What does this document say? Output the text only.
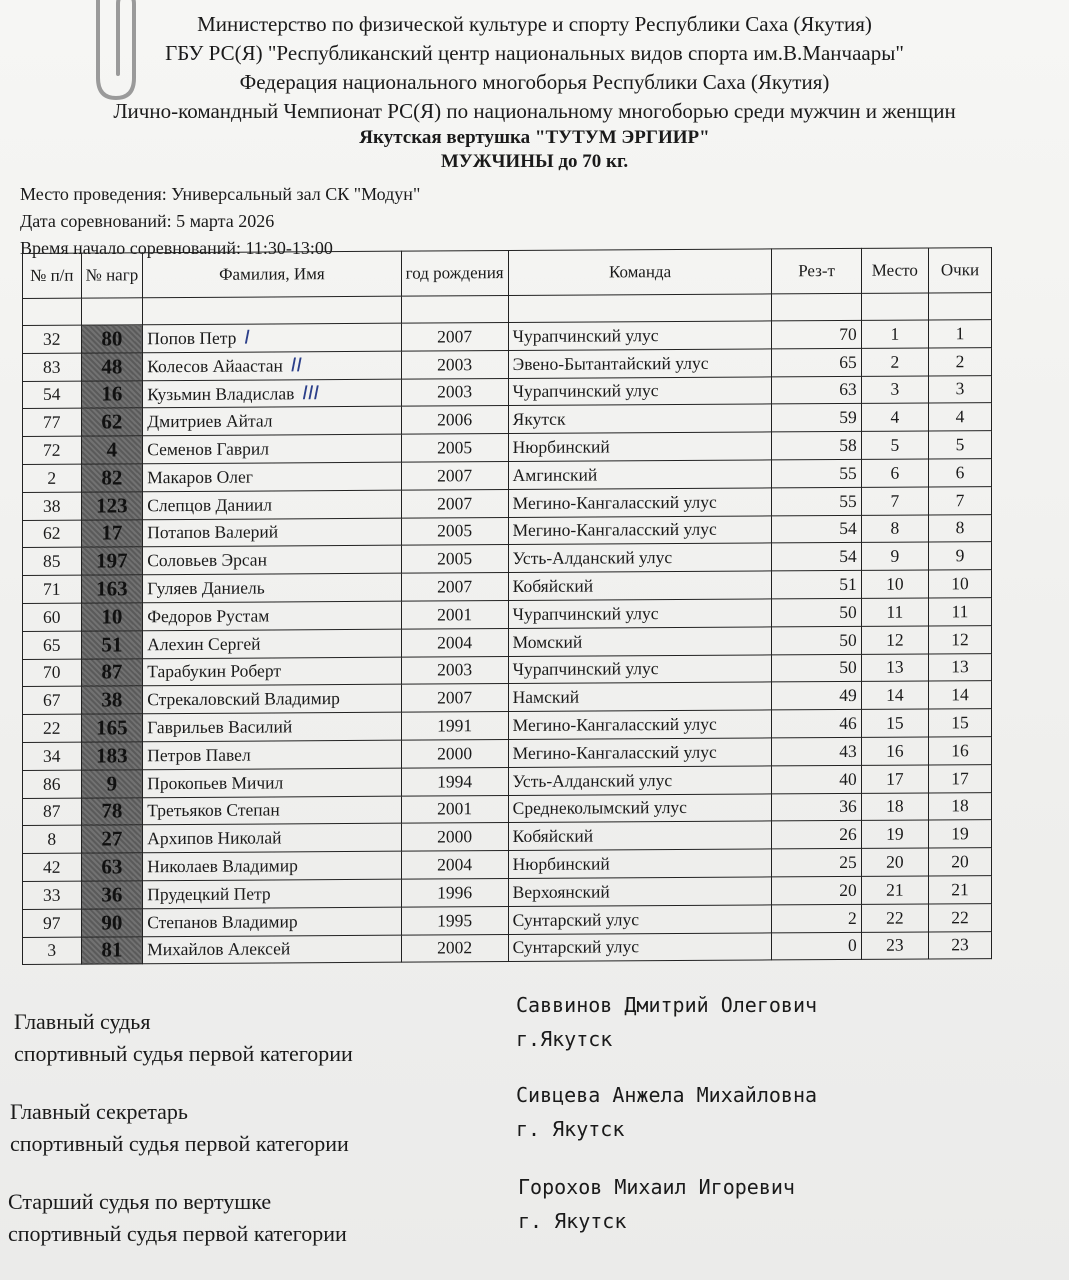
Министерство по физической культуре и спорту Республики Саха (Якутия)
ГБУ РС(Я) "Республиканский центр национальных видов спорта им.В.Манчаары"
Федерация национального многоборья Республики Саха (Якутия)
Лично-командный Чемпионат РС(Я) по национальному многоборью среди мужчин и женщин
Якутская вертушка "ТУТУМ ЭРГИИР"
МУЖЧИНЫ до 70 кг.
Место проведения: Универсальный зал СК "Модун"
Дата соревнований: 5 марта 2026
Время начало соревнований: 11:30-13:00
№ п/п	№ нагр	Фамилия, Имя	год рождения	Команда	Рез-т	Место	Очки

32	80	Попов Петр I	2007	Чурапчинский улус	70	1	1
83	48	Колесов Айаастан II	2003	Эвено-Бытантайский улус	65	2	2
54	16	Кузьмин Владислав III	2003	Чурапчинский улус	63	3	3
77	62	Дмитриев Айтал	2006	Якутск	59	4	4
72	4	Семенов Гаврил	2005	Нюрбинский	58	5	5
2	82	Макаров Олег	2007	Амгинский	55	6	6
38	123	Слепцов Даниил	2007	Мегино-Кангаласский улус	55	7	7
62	17	Потапов Валерий	2005	Мегино-Кангаласский улус	54	8	8
85	197	Соловьев Эрсан	2005	Усть-Алданский улус	54	9	9
71	163	Гуляев Даниель	2007	Кобяйский	51	10	10
60	10	Федоров Рустам	2001	Чурапчинский улус	50	11	11
65	51	Алехин Сергей	2004	Момский	50	12	12
70	87	Тарабукин Роберт	2003	Чурапчинский улус	50	13	13
67	38	Стрекаловский Владимир	2007	Намский	49	14	14
22	165	Гаврильев Василий	1991	Мегино-Кангаласский улус	46	15	15
34	183	Петров Павел	2000	Мегино-Кангаласский улус	43	16	16
86	9	Прокопьев Мичил	1994	Усть-Алданский улус	40	17	17
87	78	Третьяков Степан	2001	Среднеколымский улус	36	18	18
8	27	Архипов Николай	2000	Кобяйский	26	19	19
42	63	Николаев Владимир	2004	Нюрбинский	25	20	20
33	36	Прудецкий Петр	1996	Верхоянский	20	21	21
97	90	Степанов Владимир	1995	Сунтарский улус	2	22	22
3	81	Михайлов Алексей	2002	Сунтарский улус	0	23	23
Главный судья
спортивный судья первой категории
Саввинов Дмитрий Олегович
г.Якутск
Главный секретарь
спортивный судья первой категории
Сивцева Анжела Михайловна
г. Якутск
Старший судья по вертушке
спортивный судья первой категории
Горохов Михаил Игоревич
г. Якутск
